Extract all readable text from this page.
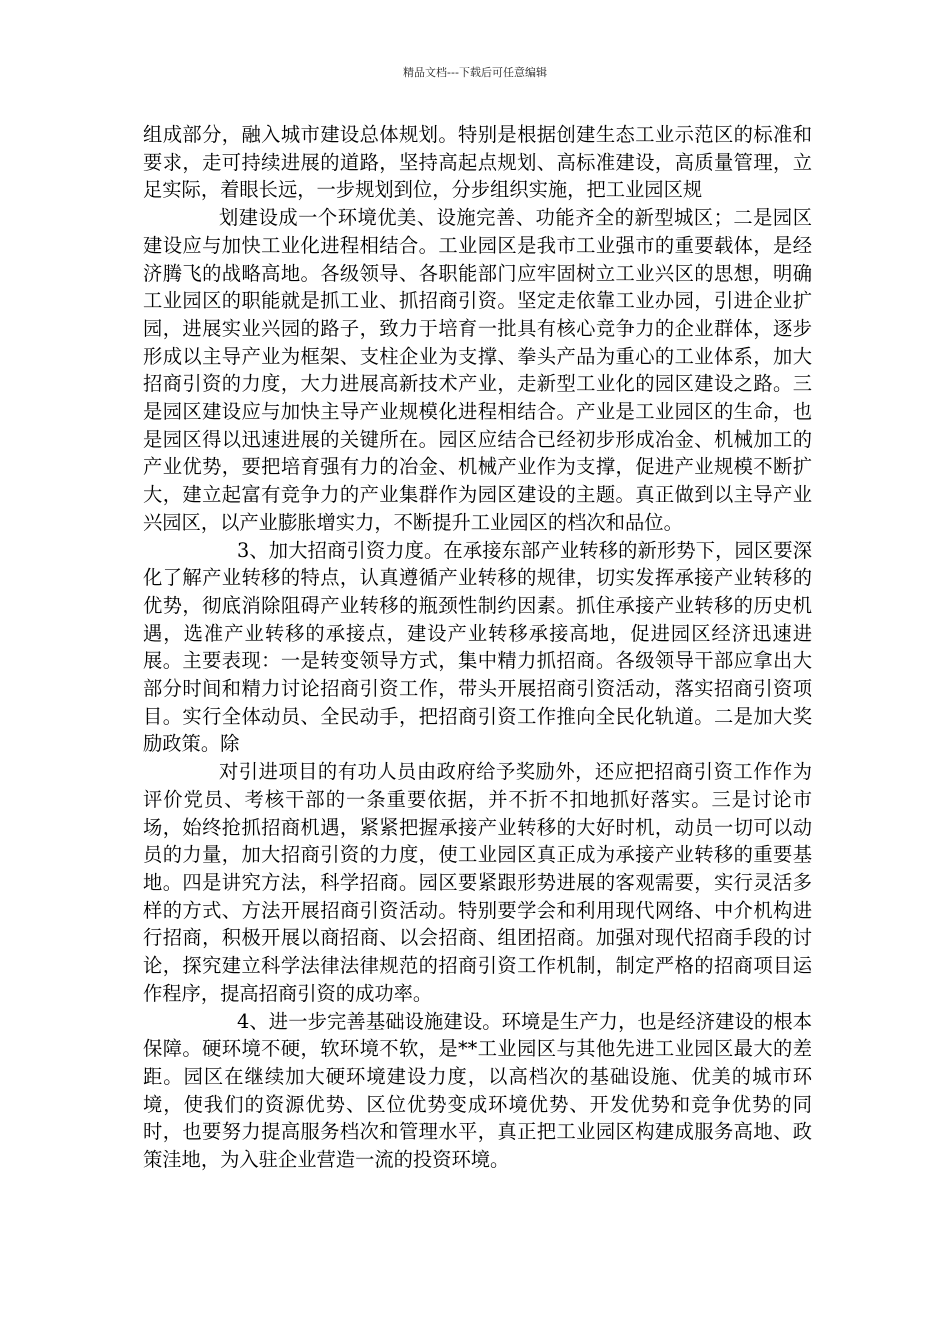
精品文档---下载后可任意编辑

组成部分，融入城市建设总体规划。特别是根据创建生态工业示范区的标准和要求，走可持续进展的道路，坚持高起点规划、高标准建设，高质量管理，立足实际，着眼长远，一步规划到位，分步组织实施，把工业园区规

划建设成一个环境优美、设施完善、功能齐全的新型城区；二是园区建设应与加快工业化进程相结合。工业园区是我市工业强市的重要载体，是经济腾飞的战略高地。各级领导、各职能部门应牢固树立工业兴区的思想，明确工业园区的职能就是抓工业、抓招商引资。坚定走依靠工业办园，引进企业扩园，进展实业兴园的路子，致力于培育一批具有核心竞争力的企业群体，逐步形成以主导产业为框架、支柱企业为支撑、拳头产品为重心的工业体系，加大招商引资的力度，大力进展高新技术产业，走新型工业化的园区建设之路。三是园区建设应与加快主导产业规模化进程相结合。产业是工业园区的生命，也是园区得以迅速进展的关键所在。园区应结合已经初步形成冶金、机械加工的产业优势，要把培育强有力的冶金、机械产业作为支撑，促进产业规模不断扩大，建立起富有竞争力的产业集群作为园区建设的主题。真正做到以主导产业兴园区，以产业膨胀增实力，不断提升工业园区的档次和品位。

3、加大招商引资力度。在承接东部产业转移的新形势下，园区要深化了解产业转移的特点，认真遵循产业转移的规律，切实发挥承接产业转移的优势，彻底消除阻碍产业转移的瓶颈性制约因素。抓住承接产业转移的历史机遇，选准产业转移的承接点，建设产业转移承接高地，促进园区经济迅速进展。主要表现：一是转变领导方式，集中精力抓招商。各级领导干部应拿出大部分时间和精力讨论招商引资工作，带头开展招商引资活动，落实招商引资项目。实行全体动员、全民动手，把招商引资工作推向全民化轨道。二是加大奖励政策。除

对引进项目的有功人员由政府给予奖励外，还应把招商引资工作作为评价党员、考核干部的一条重要依据，并不折不扣地抓好落实。三是讨论市场，始终抢抓招商机遇，紧紧把握承接产业转移的大好时机，动员一切可以动员的力量，加大招商引资的力度，使工业园区真正成为承接产业转移的重要基地。四是讲究方法，科学招商。园区要紧跟形势进展的客观需要，实行灵活多样的方式、方法开展招商引资活动。特别要学会和利用现代网络、中介机构进行招商，积极开展以商招商、以会招商、组团招商。加强对现代招商手段的讨论，探究建立科学法律法律规范的招商引资工作机制，制定严格的招商项目运作程序，提高招商引资的成功率。

4、进一步完善基础设施建设。环境是生产力，也是经济建设的根本保障。硬环境不硬，软环境不软，是**工业园区与其他先进工业园区最大的差距。园区在继续加大硬环境建设力度，以高档次的基础设施、优美的城市环境，使我们的资源优势、区位优势变成环境优势、开发优势和竞争优势的同时，也要努力提高服务档次和管理水平，真正把工业园区构建成服务高地、政策洼地，为入驻企业营造一流的投资环境。
